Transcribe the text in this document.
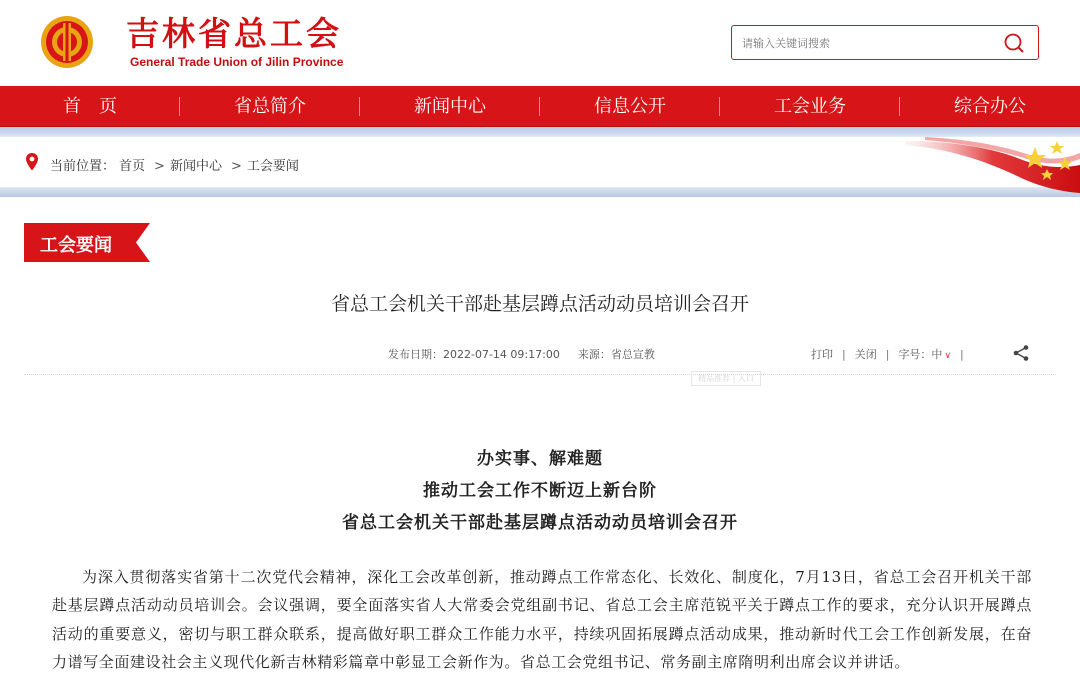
吉林省总工会
General Trade Union of Jilin Province
请输入关键词搜索
首　页	省总简介	新闻中心	信息公开	工会业务	综合办公
当前位置： 首页 > 新闻中心 > 工会要闻
工会要闻
省总工会机关干部赴基层蹲点活动动员培训会召开
发布日期：2022-07-14 09:17:00 来源：省总宣教	打印 | 关闭 | 字号：中 ∨ |
精品推荐 | 入口
办实事、解难题
推动工会工作不断迈上新台阶
省总工会机关干部赴基层蹲点活动动员培训会召开

为深入贯彻落实省第十二次党代会精神，深化工会改革创新，推动蹲点工作常态化、长效化、制度化，7月13日，省总工会召开机关干部赴基层蹲点活动动员培训会。会议强调，要全面落实省人大常委会党组副书记、省总工会主席范锐平关于蹲点工作的要求，充分认识开展蹲点活动的重要意义，密切与职工群众联系，提高做好职工群众工作能力水平，持续巩固拓展蹲点活动成果，推动新时代工会工作创新发展，在奋力谱写全面建设社会主义现代化新吉林精彩篇章中彰显工会新作为。省总工会党组书记、常务副主席隋明利出席会议并讲话。
